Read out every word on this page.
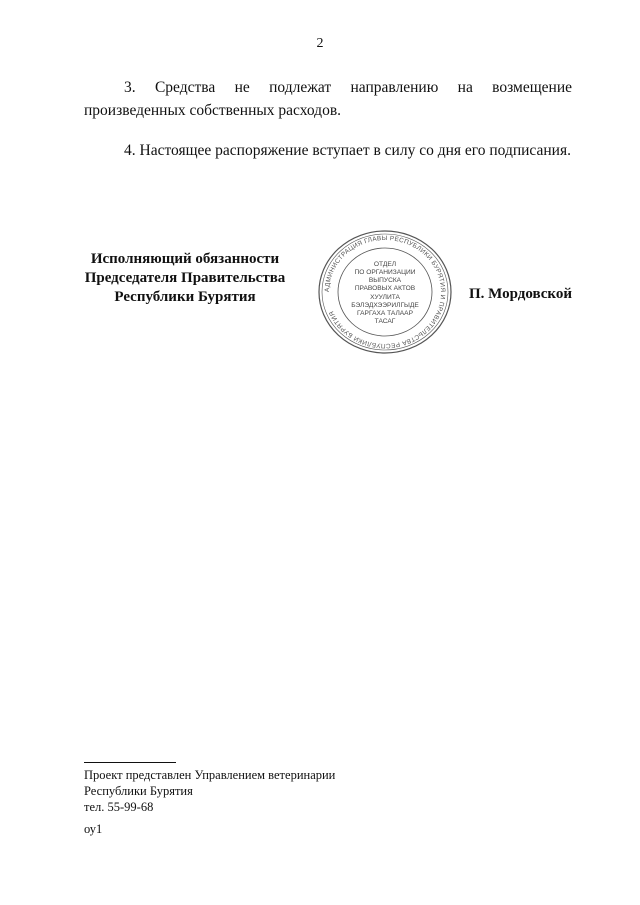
2

3. Средства не подлежат направлению на возмещение произведенных собственных расходов.

4. Настоящее распоряжение вступает в силу со дня его подписания.

Исполняющий обязанности
Председателя Правительства
Республики Бурятия	АДМИНИСТРАЦИЯ ГЛАВЫ РЕСПУБЛИКИ БУРЯТИЯ И ПРАВИТЕЛЬСТВА РЕСПУБЛИКИ БУРЯТИЯ
ОТДЕЛ
ПО ОРГАНИЗАЦИИ
ВЫПУСКА
ПРАВОВЫХ АКТОВ
ХУУЛИТА
БЭЛЭДХЭЭРИЛГЫДЕ
ГАРГАХА ТАЛААР
ТАСАГ
П. Мордовской
Проект представлен Управлением ветеринарии
Республики Бурятия
тел. 55-99-68
оу1
